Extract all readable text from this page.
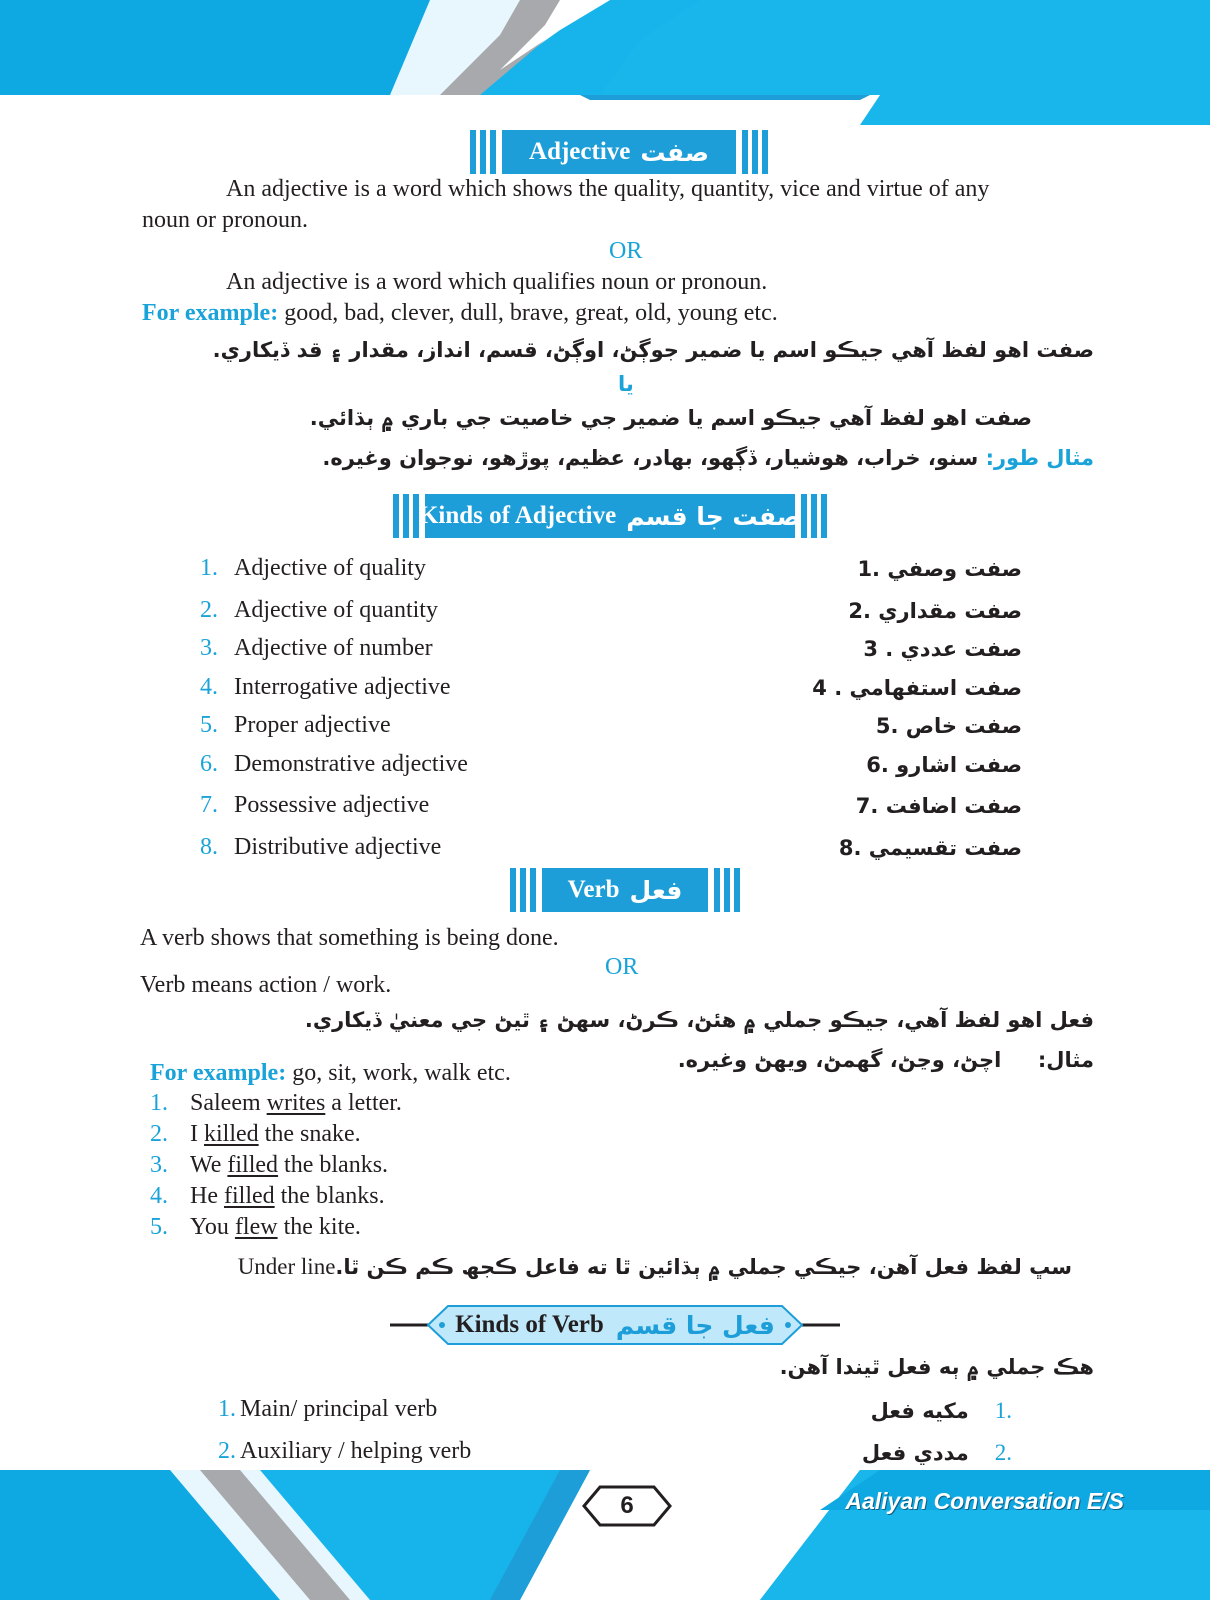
Adjective صفت
An adjective is a word which shows the quality, quantity, vice and virtue of any
noun or pronoun.
OR
An adjective is a word which qualifies noun or pronoun.
For example: good, bad, clever, dull, brave, great, old, young etc.
صفت اهو لفظ آهي جيڪو اسم يا ضمير جوڳڻ، اوڳڻ، قسم، انداز، مقدار ۽ قد ڏيکاري.
يا
صفت اهو لفظ آهي جيڪو اسم يا ضمير جي خاصيت جي باري ۾ ٻڌائي.
مثال طور: سنو، خراب، هوشيار، ڏڳهو، بهادر، عظيم، پوڙهو، نوجوان وغيره.
Kinds of Adjective صفت جا قسم
1. Adjective of quality	1. صفت وصفي
2. Adjective of quantity	2. صفت مقداري
3. Adjective of number	3 . صفت عددي
4. Interrogative adjective	4 . صفت استفهامي
5. Proper adjective	5. صفت خاص
6. Demonstrative adjective	6. صفت اشارو
7. Possessive adjective	7. صفت اضافت
8. Distributive adjective	8. صفت تقسيمي
Verb فعل
A verb shows that something is being done.
OR
Verb means action / work.
فعل اهو لفظ آهي، جيڪو جملي ۾ هئڻ، ڪرڻ، سهڻ ۽ ٿيڻ جي معنيٰ ڏيکاري.
مثال:     اچڻ، وڃڻ، گهمڻ، ويهڻ وغيره.
For example: go, sit, work, walk etc.
1. Saleem writes a letter.
2. I killed the snake.
3. We filled the blanks.
4. He filled the blanks.
5. You flew the kite.
سڀ لفظ فعل آهن، جيڪي جملي ۾ ٻڌائين ٿا ته فاعل ڪجھ ڪم ڪن ٿا.Under line
Kinds of Verb فعل جا قسم
هڪ جملي ۾ ٻه فعل ٿيندا آهن.
1. Main/ principal verb	.1مکيه فعل
2. Auxiliary / helping verb	.2مددي فعل
6	Aaliyan Conversation E/S
